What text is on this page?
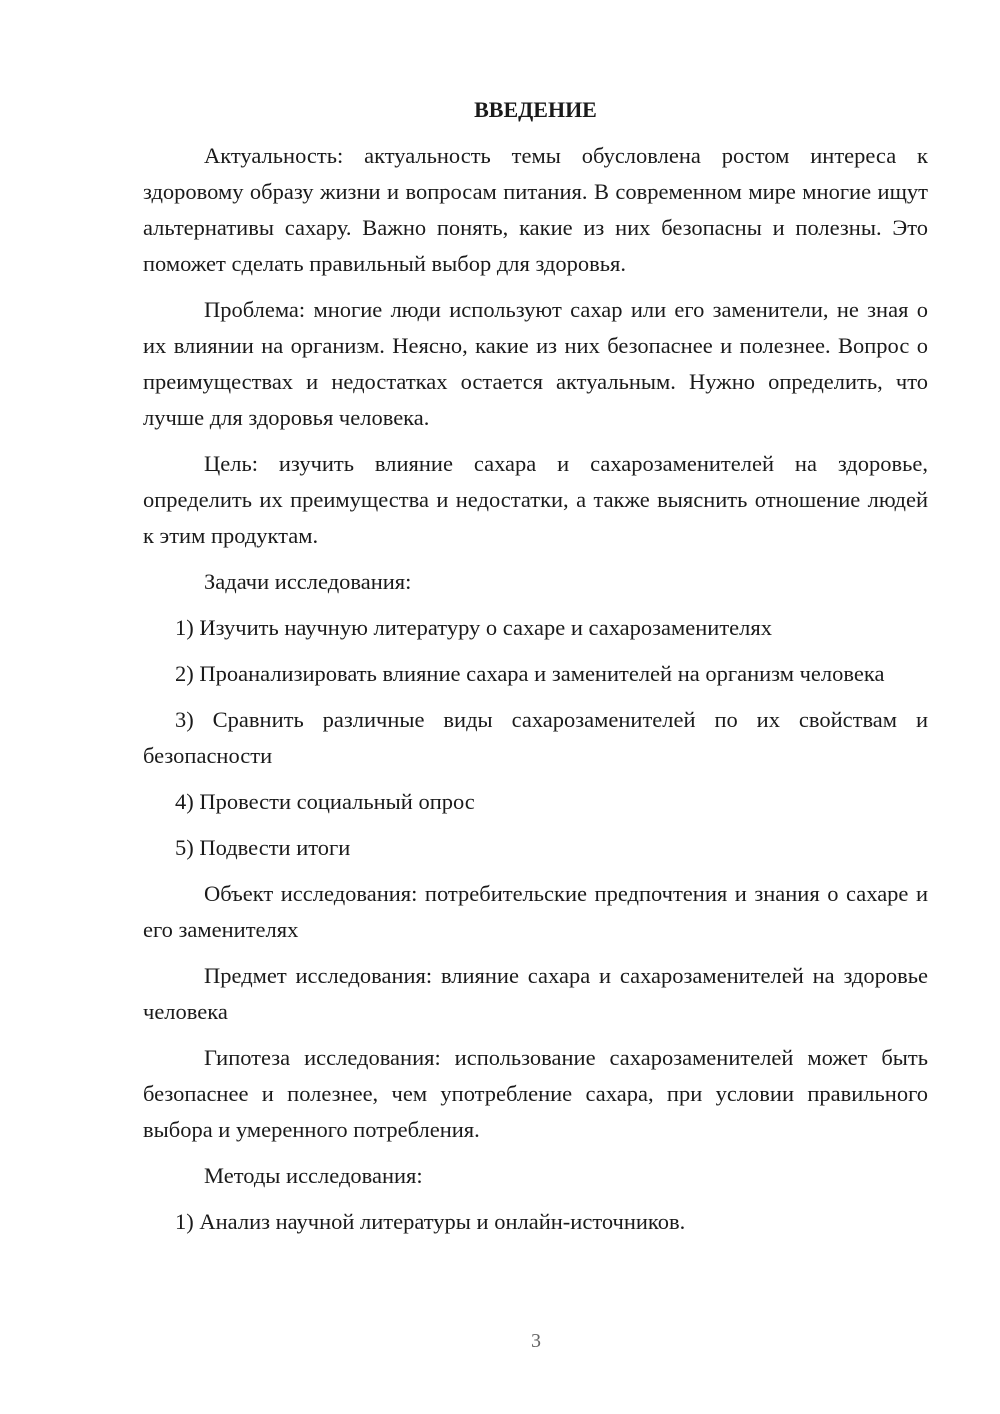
ВВЕДЕНИЕ

Актуальность: актуальность темы обусловлена ростом интереса к здоровому образу жизни и вопросам питания. В современном мире многие ищут альтернативы сахару. Важно понять, какие из них безопасны и полезны. Это поможет сделать правильный выбор для здоровья.

Проблема: многие люди используют сахар или его заменители, не зная о их влиянии на организм. Неясно, какие из них безопаснее и полезнее. Вопрос о преимуществах и недостатках остается актуальным. Нужно определить, что лучше для здоровья человека.

Цель: изучить влияние сахара и сахарозаменителей на здоровье, определить их преимущества и недостатки, а также выяснить отношение людей к этим продуктам.

Задачи исследования:

1) Изучить научную литературу о сахаре и сахарозаменителях

2) Проанализировать влияние сахара и заменителей на организм человека

3) Сравнить различные виды сахарозаменителей по их свойствам и безопасности

4) Провести социальный опрос

5) Подвести итоги

Объект исследования: потребительские предпочтения и знания о сахаре и его заменителях

Предмет исследования: влияние сахара и сахарозаменителей на здоровье человека

Гипотеза исследования: использование сахарозаменителей может быть безопаснее и полезнее, чем употребление сахара, при условии правильного выбора и умеренного потребления.

Методы исследования:

1) Анализ научной литературы и онлайн-источников.

3
